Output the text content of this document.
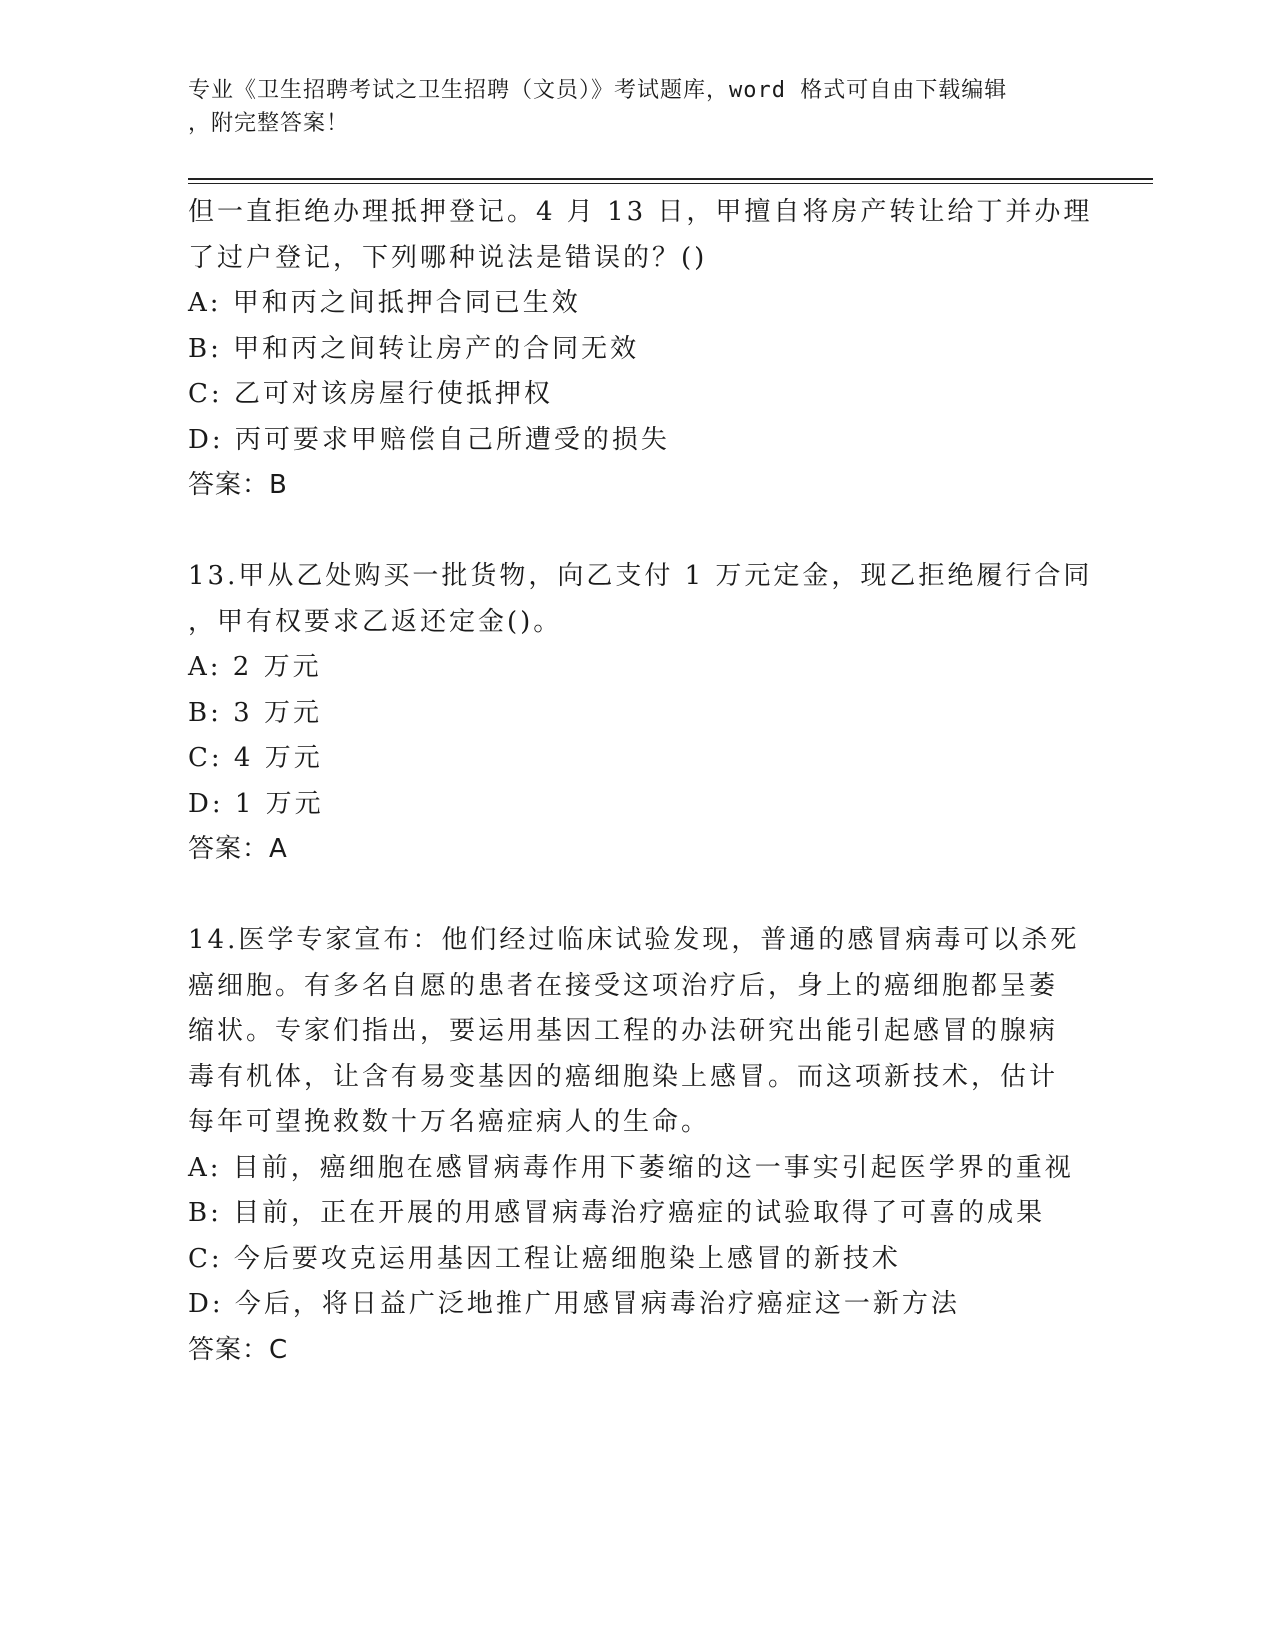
专业《卫生招聘考试之卫生招聘（文员）》考试题库，word 格式可自由下载编辑
，附完整答案！
但一直拒绝办理抵押登记。4 月 13 日，甲擅自将房产转让给丁并办理
了过户登记，下列哪种说法是错误的？()
A: 甲和丙之间抵押合同已生效
B: 甲和丙之间转让房产的合同无效
C: 乙可对该房屋行使抵押权
D: 丙可要求甲赔偿自己所遭受的损失
答案：B
13.甲从乙处购买一批货物，向乙支付 1 万元定金，现乙拒绝履行合同
，甲有权要求乙返还定金()。
A: 2 万元
B: 3 万元
C: 4 万元
D: 1 万元
答案：A
14.医学专家宣布：他们经过临床试验发现，普通的感冒病毒可以杀死
癌细胞。有多名自愿的患者在接受这项治疗后，身上的癌细胞都呈萎
缩状。专家们指出，要运用基因工程的办法研究出能引起感冒的腺病
毒有机体，让含有易变基因的癌细胞染上感冒。而这项新技术，估计
每年可望挽救数十万名癌症病人的生命。
A: 目前，癌细胞在感冒病毒作用下萎缩的这一事实引起医学界的重视
B: 目前，正在开展的用感冒病毒治疗癌症的试验取得了可喜的成果
C: 今后要攻克运用基因工程让癌细胞染上感冒的新技术
D: 今后，将日益广泛地推广用感冒病毒治疗癌症这一新方法
答案：C
